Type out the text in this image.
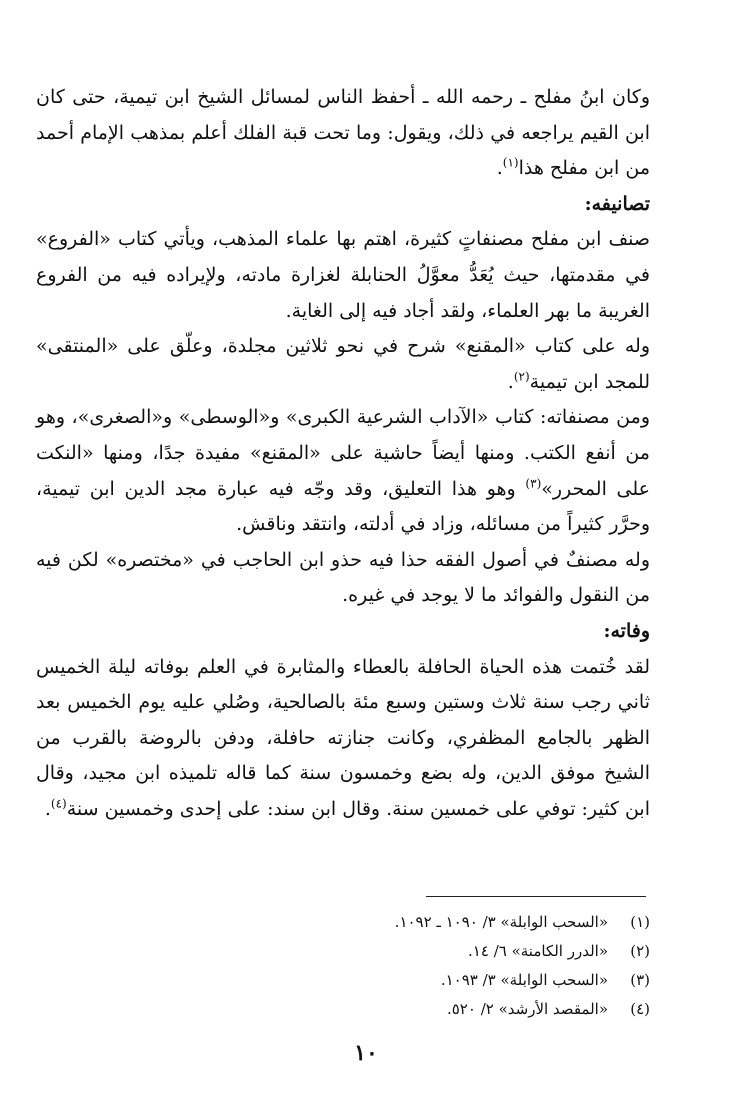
وكان ابنُ مفلح ـ رحمه الله ـ أحفظ الناس لمسائل الشيخ ابن تيمية، حتى كان ابن القيم يراجعه في ذلك، ويقول: وما تحت قبة الفلك أعلم بمذهب الإمام أحمد من ابن مفلح هذا$^{(١)}$.

تصانيفه:

صنف ابن مفلح مصنفاتٍ كثيرة، اهتم بها علماء المذهب، ويأتي كتاب «الفروع» في مقدمتها، حيث يُعَدُّ معوَّلُ الحنابلة لغزارة مادته، ولإيراده فيه من الفروع الغريبة ما بهر العلماء، ولقد أجاد فيه إلى الغاية.

وله على كتاب «المقنع» شرح في نحو ثلاثين مجلدة، وعلّق على «المنتقى» للمجد ابن تيمية$^{(٢)}$.

ومن مصنفاته: كتاب «الآداب الشرعية الكبرى» و«الوسطى» و«الصغرى»، وهو من أنفع الكتب. ومنها أيضاً حاشية على «المقنع» مفيدة جدًا، ومنها «النكت على المحرر»$^{(٣)}$ وهو هذا التعليق، وقد وجّه فيه عبارة مجد الدين ابن تيمية، وحرَّر كثيراً من مسائله، وزاد في أدلته، وانتقد وناقش.

وله مصنفٌ في أصول الفقه حذا فيه حذو ابن الحاجب في «مختصره» لكن فيه من النقول والفوائد ما لا يوجد في غيره.

وفاته:

لقد خُتمت هذه الحياة الحافلة بالعطاء والمثابرة في العلم بوفاته ليلة الخميس ثاني رجب سنة ثلاث وستين وسبع مئة بالصالحية، وصُلي عليه يوم الخميس بعد الظهر بالجامع المظفري، وكانت جنازته حافلة، ودفن بالروضة بالقرب من الشيخ موفق الدين، وله بضع وخمسون سنة كما قاله تلميذه ابن مجيد، وقال ابن كثير: توفي على خمسين سنة. وقال ابن سند: على إحدى وخمسين سنة$^{(٤)}$.

(١)
«السحب الوابلة» ٣/ ١٠٩٠ ـ ١٠٩٢.
(٢)
«الدرر الكامنة» ٦/ ١٤.
(٣)
«السحب الوابلة» ٣/ ١٠٩٣.
(٤)
«المقصد الأرشد» ٢/ ٥٢٠.
١٠
